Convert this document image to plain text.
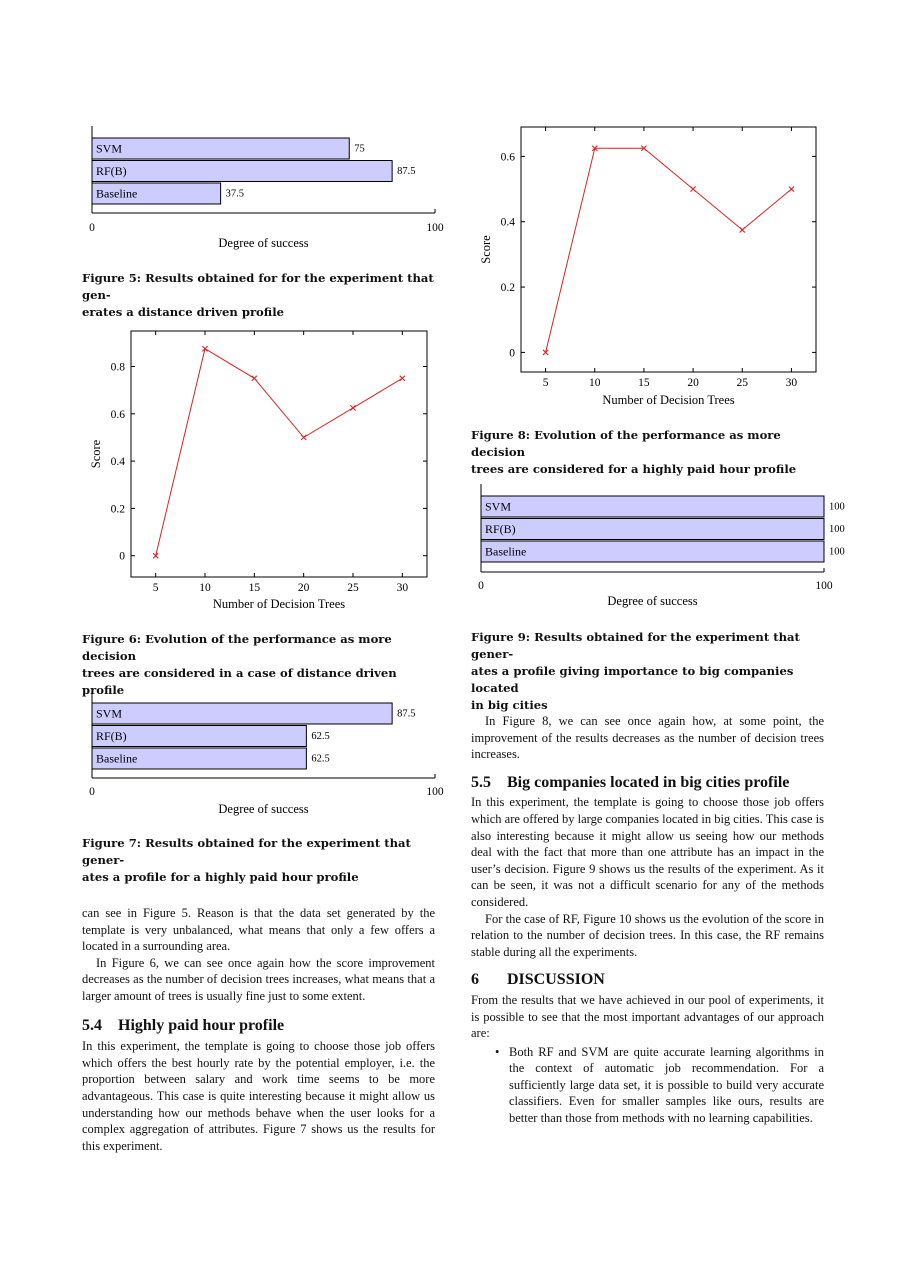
0	100
SVM	75
RF(B)	87.5
Baseline	37.5
Degree of success
Figure 5: Results obtained for for the experiment that gen-
erates a distance driven profile
5	10	15	20	25	30
0
0.2
0.4
0.6
0.8
Score
Number of Decision Trees
Figure 6: Evolution of the performance as more decision
trees are considered in a case of distance driven profile
0	100
SVM	87.5
RF(B)	62.5
Baseline	62.5
Degree of success
Figure 7: Results obtained for the experiment that gener-
ates a profile for a highly paid hour profile

can see in Figure 5. Reason is that the data set generated by the template is very unbalanced, what means that only a few offers a located in a surrounding area.

In Figure 6, we can see once again how the score improvement decreases as the number of decision trees increases, what means that a larger amount of trees is usually fine just to some extent.

5.4 Highly paid hour profile

In this experiment, the template is going to choose those job offers which offers the best hourly rate by the potential employer, i.e. the proportion between salary and work time seems to be more advantageous. This case is quite interesting because it might allow us understanding how our methods behave when the user looks for a complex aggregation of attributes. Figure 7 shows us the results for this experiment.

5	10	15	20	25	30
0
0.2
0.4
0.6
Score
Number of Decision Trees
Figure 8: Evolution of the performance as more decision
trees are considered for a highly paid hour profile
0	100
SVM	100
RF(B)	100
Baseline	100
Degree of success
Figure 9: Results obtained for the experiment that gener-
ates a profile giving importance to big companies located
in big cities

In Figure 8, we can see once again how, at some point, the improvement of the results decreases as the number of decision trees increases.

5.5 Big companies located in big cities profile

In this experiment, the template is going to choose those job offers which are offered by large companies located in big cities. This case is also interesting because it might allow us seeing how our methods deal with the fact that more than one attribute has an impact in the user’s decision. Figure 9 shows us the results of the experiment. As it can be seen, it was not a difficult scenario for any of the methods considered.

For the case of RF, Figure 10 shows us the evolution of the score in relation to the number of decision trees. In this case, the RF remains stable during all the experiments.

6 DISCUSSION

From the results that we have achieved in our pool of experiments, it is possible to see that the most important advantages of our approach are:

• Both RF and SVM are quite accurate learning algorithms in the context of automatic job recommendation. For a sufficiently large data set, it is possible to build very accurate classifiers. Even for smaller samples like ours, results are better than those from methods with no learning capabilities.
